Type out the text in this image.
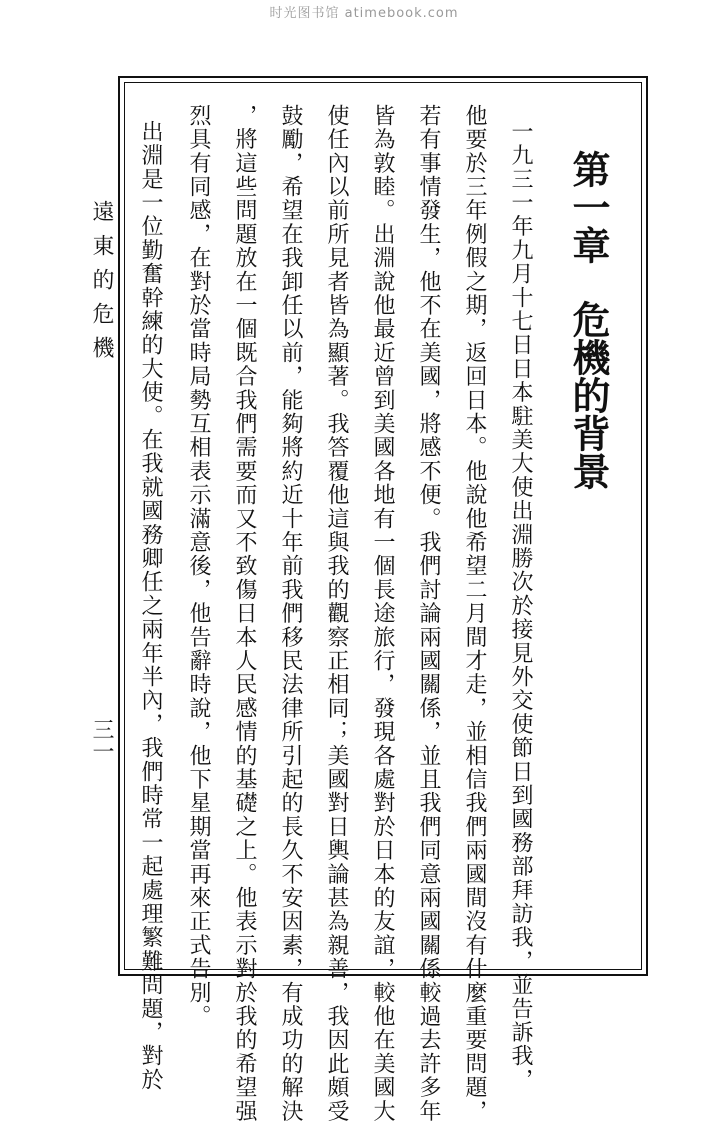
时光图书馆 atimebook.com
第一章危機的背景
一九三一年九月十七日日本駐美大使出淵勝次於接見外交使節日到國務部拜訪我，並告訴我，
他要於三年例假之期，返回日本。他說他希望二月間才走，並相信我們兩國間沒有什麼重要問題，
若有事情發生，他不在美國，將感不便。我們討論兩國關係，並且我們同意兩國關係較過去許多年
皆為敦睦。出淵說他最近曾到美國各地有一個長途旅行，發現各處對於日本的友誼，較他在美國大
使任內以前所見者皆為顯著。我答覆他這與我的觀察正相同；美國對日輿論甚為親善，我因此頗受
鼓勵，希望在我卸任以前，能夠將約近十年前我們移民法律所引起的長久不安因素，有成功的解決
，將這些問題放在一個既合我們需要而又不致傷日本人民感情的基礎之上。他表示對於我的希望强
烈具有同感，在對於當時局勢互相表示滿意後，他告辭時說，他下星期當再來正式告別。
出淵是一位勤奮幹練的大使。在我就國務卿任之兩年半內，我們時常一起處理繁難問題，對於
遠東的危機
三一
